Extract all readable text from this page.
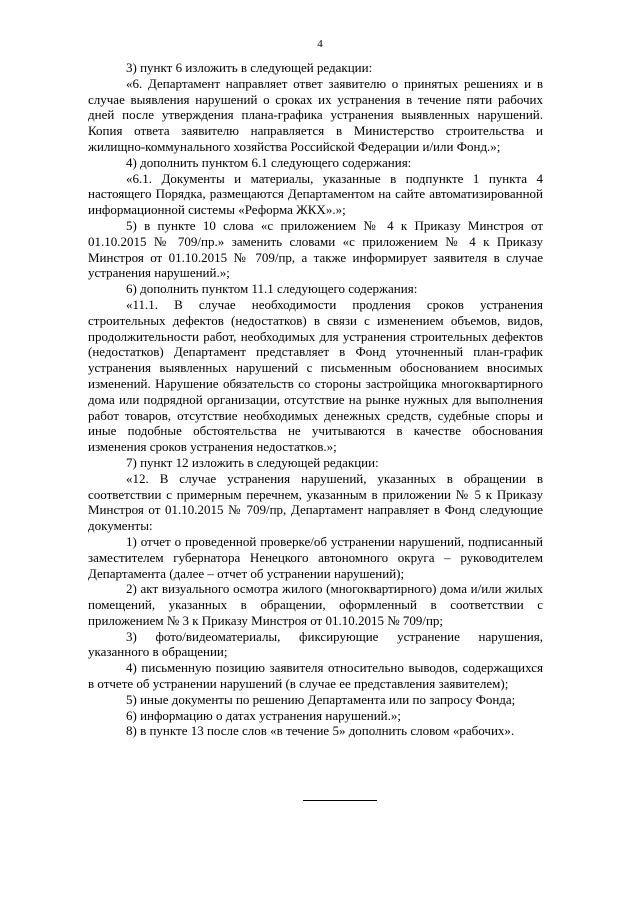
4

3) пункт 6 изложить в следующей редакции:

«6. Департамент направляет ответ заявителю о принятых решениях и в случае выявления нарушений о сроках их устранения в течение пяти рабочих дней после утверждения плана-графика устранения выявленных нарушений. Копия ответа заявителю направляется в Министерство строительства и жилищно-коммунального хозяйства Российской Федерации и/или Фонд.»;

4) дополнить пунктом 6.1 следующего содержания:

«6.1. Документы и материалы, указанные в подпункте 1 пункта 4 настоящего Порядка, размещаются Департаментом на сайте автоматизированной информационной системы «Реформа ЖКХ».»;

5) в пункте 10 слова «с приложением № 4 к Приказу Минстроя от 01.10.2015 № 709/пр.» заменить словами «с приложением № 4 к Приказу Минстроя от 01.10.2015 № 709/пр, а также информирует заявителя в случае устранения нарушений.»;

6) дополнить пунктом 11.1 следующего содержания:

«11.1. В случае необходимости продления сроков устранения строительных дефектов (недостатков) в связи с изменением объемов, видов, продолжительности работ, необходимых для устранения строительных дефектов (недостатков) Департамент представляет в Фонд уточненный план-график устранения выявленных нарушений с письменным обоснованием вносимых изменений. Нарушение обязательств со стороны застройщика многоквартирного дома или подрядной организации, отсутствие на рынке нужных для выполнения работ товаров, отсутствие необходимых денежных средств, судебные споры и иные подобные обстоятельства не учитываются в качестве обоснования изменения сроков устранения недостатков.»;

7) пункт 12 изложить в следующей редакции:

«12. В случае устранения нарушений, указанных в обращении в соответствии с примерным перечнем, указанным в приложении № 5 к Приказу Минстроя от 01.10.2015 № 709/пр, Департамент направляет в Фонд следующие документы:

1) отчет о проведенной проверке/об устранении нарушений, подписанный заместителем губернатора Ненецкого автономного округа – руководителем Департамента (далее – отчет об устранении нарушений);

2) акт визуального осмотра жилого (многоквартирного) дома и/или жилых помещений, указанных в обращении, оформленный в соответствии с приложением № 3 к Приказу Минстроя от 01.10.2015 № 709/пр;

3) фото/видеоматериалы, фиксирующие устранение нарушения, указанного в обращении;

4) письменную позицию заявителя относительно выводов, содержащихся в отчете об устранении нарушений (в случае ее представления заявителем);

5) иные документы по решению Департамента или по запросу Фонда;

6) информацию о датах устранения нарушений.»;

8) в пункте 13 после слов «в течение 5» дополнить словом «рабочих».
